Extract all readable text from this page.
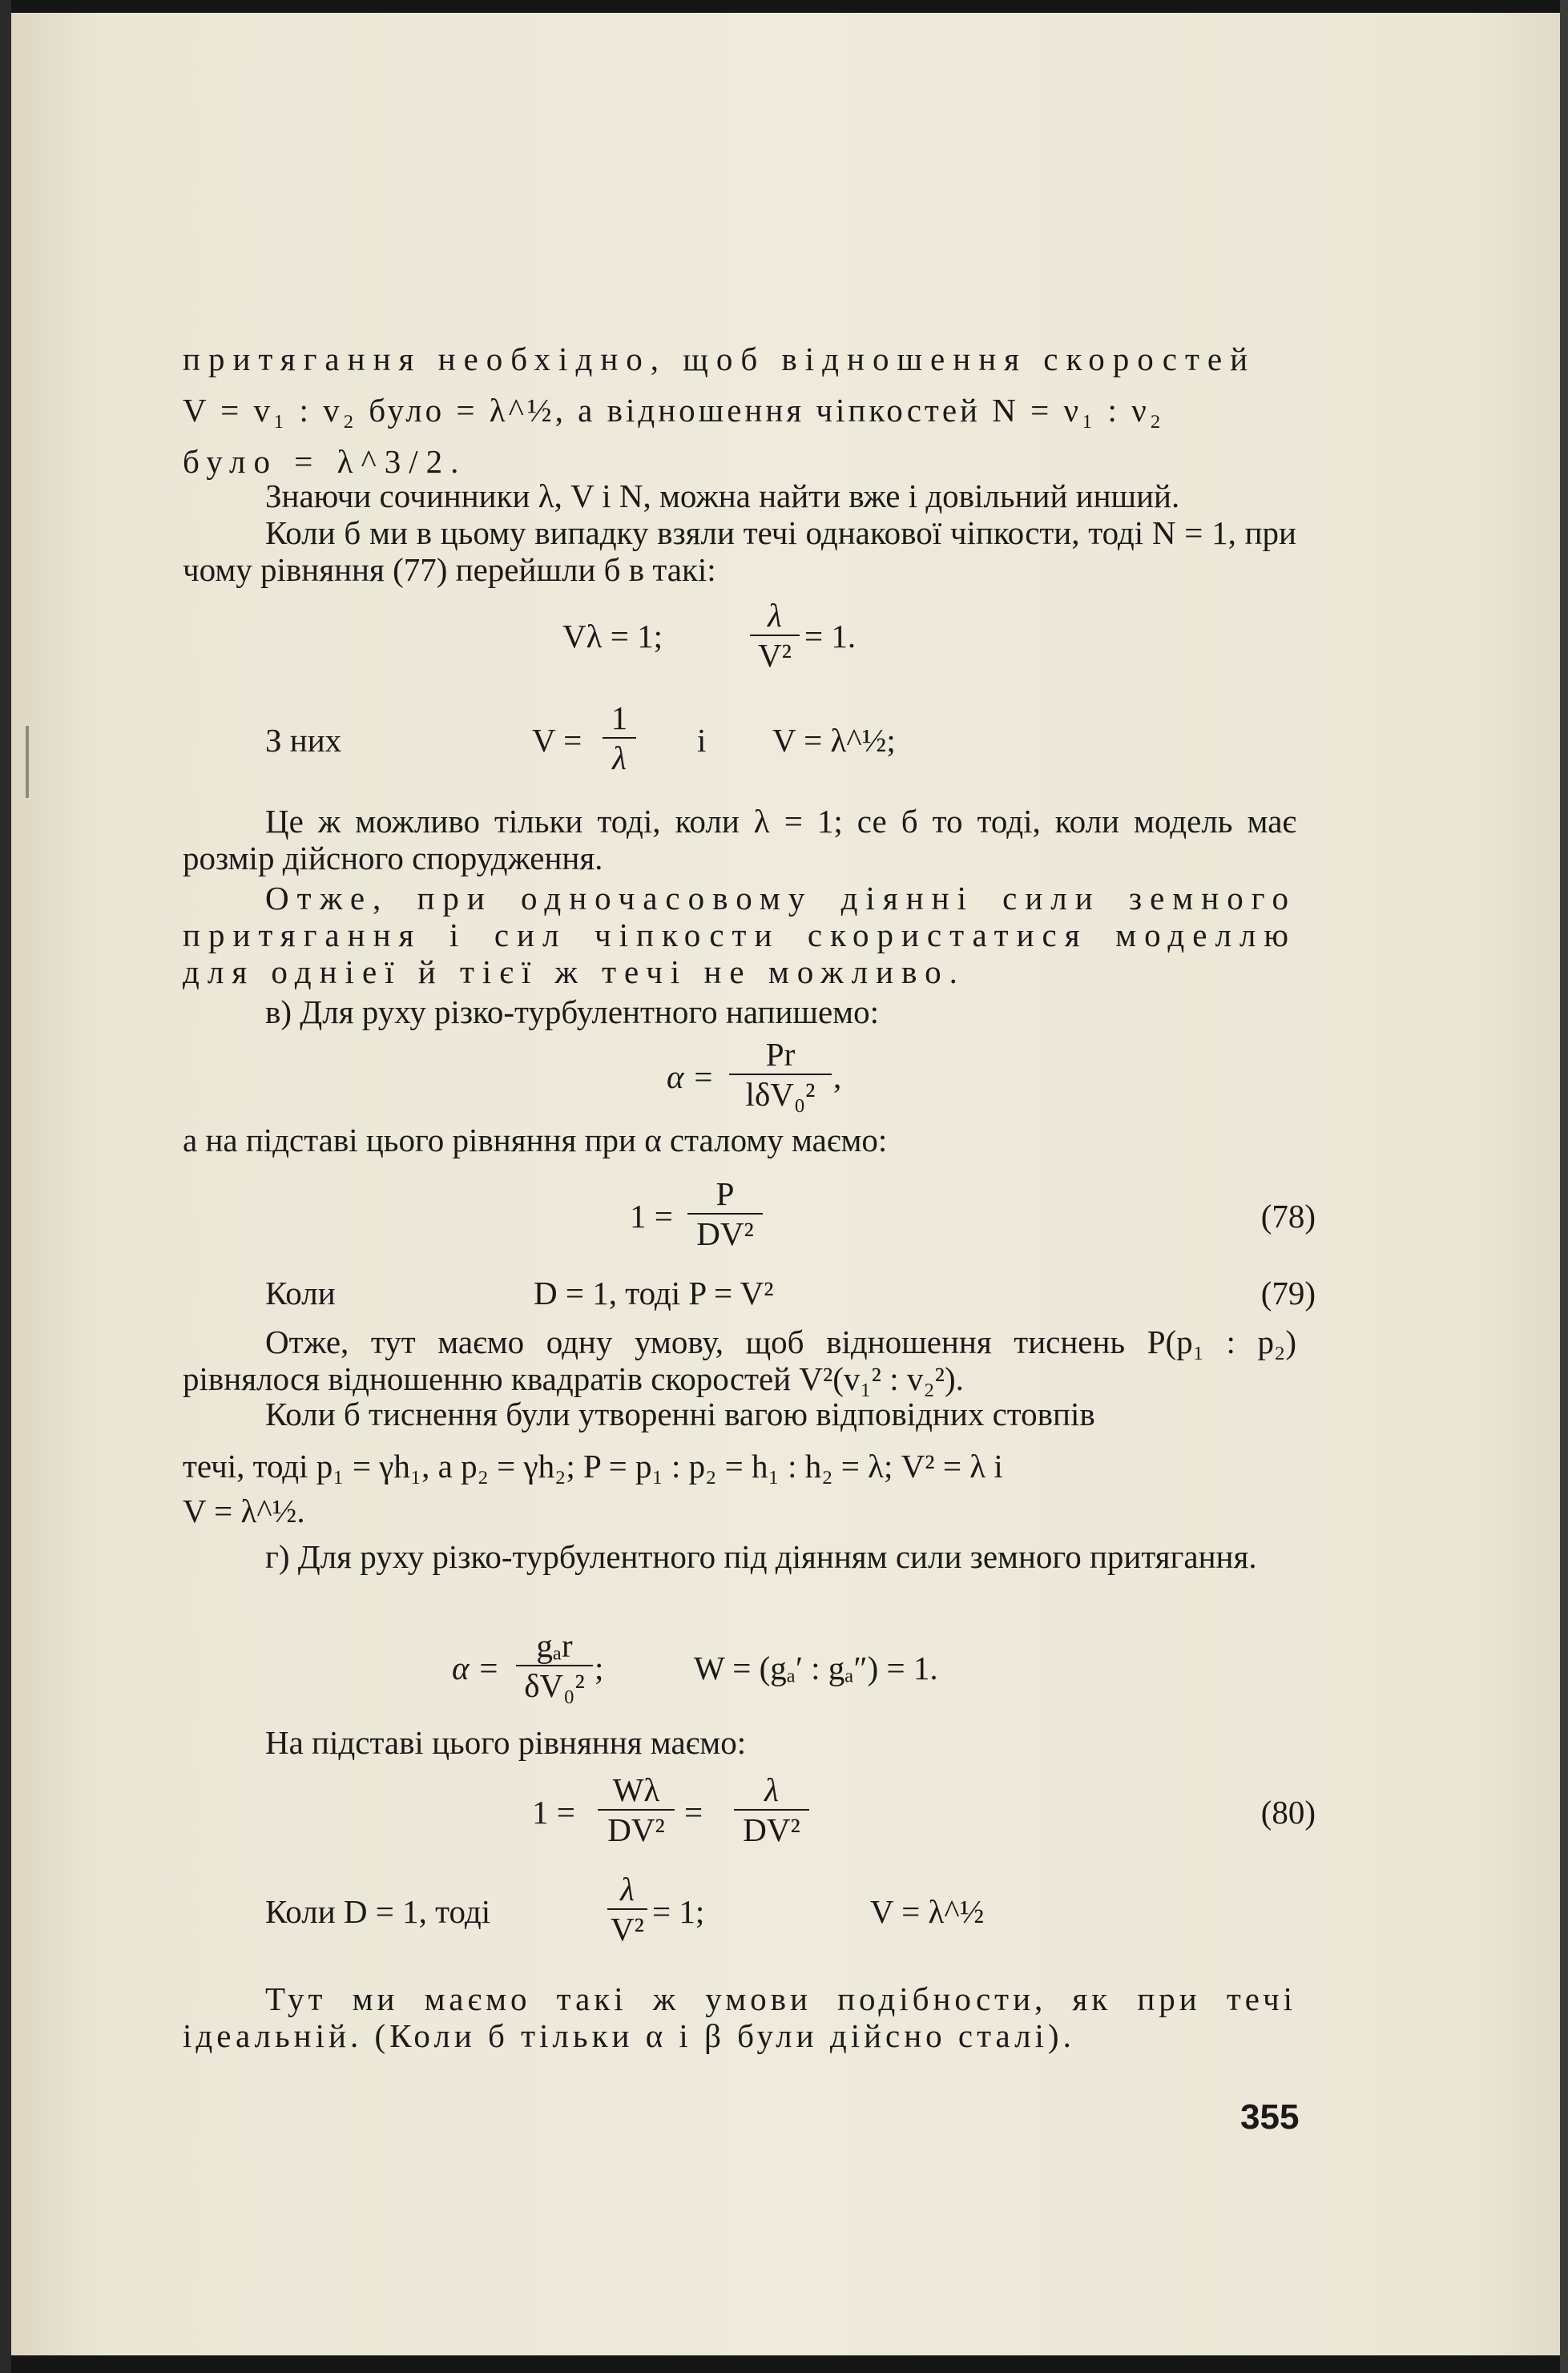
притягання необхідно, щоб відношення скоростей
V = v₁ : v₂ було = λ^½, а відношення чіпкостей N = ν₁ : ν₂
було = λ^3/2.
Знаючи сочинники λ, V і N, можна найти вже і довільний инший.
Коли б ми в цьому випадку взяли течі однакової чіпкости, тоді N = 1, при чому рівняння (77) перейшли б в такі:
Vλ = 1;
λ
V²
= 1.
З них	V =
1
λ і V = λ^½;
Це ж можливо тільки тоді, коли λ = 1; се б то тоді, коли модель має розмір дійсного спорудження.
Отже, при одночасовому діянні сили земного притягання і сил чіпкости скористатися моделлю для одніеї й тієї ж течі не можливо.
в) Для руху різко-турбулентного напишемо:
α =
Pr
lδV₀² ,
а на підставі цього рівняння при α сталому маємо:
1 =
P
DV²	(78)
Коли	D = 1, тоді P = V²	(79)
Отже, тут маємо одну умову, щоб відношення тиснень P(p₁ : p₂) рівнялося відношенню квадратів скоростей V²(v₁² : v₂²).
Коли б тиснення були утворенні вагою відповідних стовпів
течі, тоді p₁ = γh₁, а p₂ = γh₂; P = p₁ : p₂ = h₁ : h₂ = λ; V² = λ і
V = λ^½.
г) Для руху різко-турбулентного під діянням сили земного притягання.
α =
gₐr
δV₀² ;	W = (gₐ′ : gₐ″) = 1.
На підставі цього рівняння маємо:
1 =
Wλ
DV² =
λ
DV²	(80)
Коли D = 1, тоді
λ
V² = 1;	V = λ^½
Тут ми маємо такі ж умови подібности, як при течі ідеальній. (Коли б тільки α і β були дійсно сталі).
355
